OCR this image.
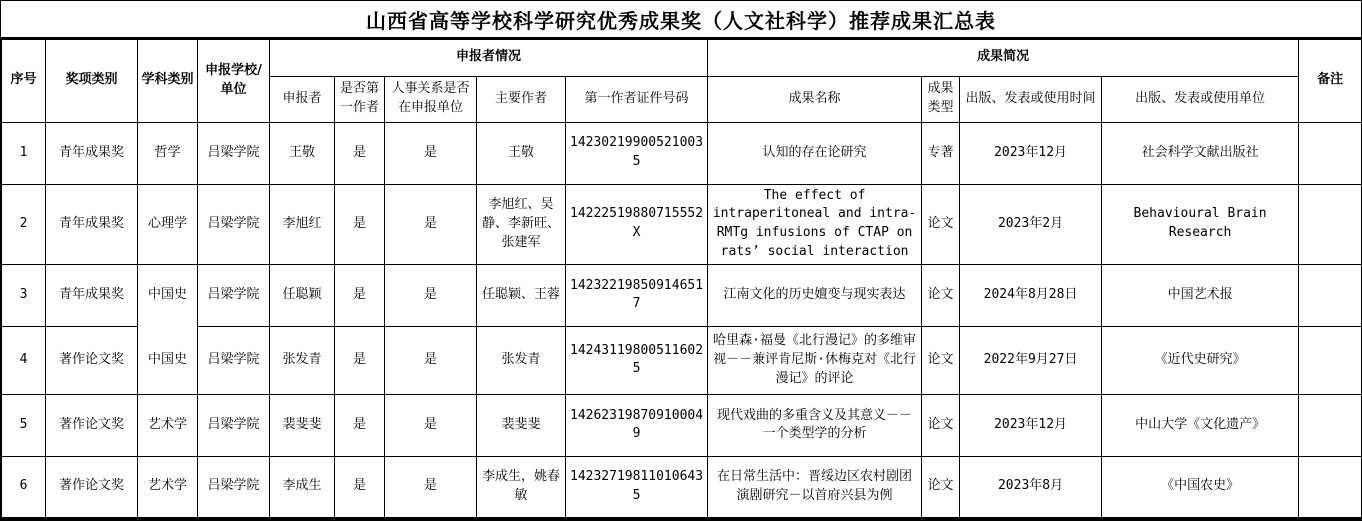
山西省高等学校科学研究优秀成果奖（人文社科学）推荐成果汇总表
序号	奖项类别	学科类别	申报学校/单位	申报者情况					成果简况				备注
				申报者	是否第一作者	人事关系是否在申报单位	主要作者	第一作者证件号码	成果名称	成果类型	出版、发表或使用时间	出版、发表或使用单位	
1	青年成果奖	哲学	吕梁学院	王敬	是	是	王敬	142302199005210035	认知的存在论研究	专著	2023年12月	社会科学文献出版社	
2	青年成果奖	心理学	吕梁学院	李旭红	是	是	李旭红、吴静、李新旺、张建军	14222519880715552X	The effect of intraperitoneal and intra-RMTg infusions of CTAP on rats’ social interaction	论文	2023年2月	Behavioural Brain Research	
3	青年成果奖	中国史	吕梁学院	任聪颖	是	是	任聪颖、王蓉	142322198509146517	江南文化的历史嬗变与现实表达	论文	2024年8月28日	中国艺术报	
4	著作论文奖	中国史	吕梁学院	张发青	是	是	张发青	142431198005116025	哈里森·福曼《北行漫记》的多维审视－－兼评肯尼斯·休梅克对《北行漫记》的评论	论文	2022年9月27日	《近代史研究》	
5	著作论文奖	艺术学	吕梁学院	裴斐斐	是	是	裴斐斐	142623198709100049	现代戏曲的多重含义及其意义－－一个类型学的分析	论文	2023年12月	中山大学《文化遗产》	
6	著作论文奖	艺术学	吕梁学院	李成生	是	是	李成生，姚春敏	142327198110106435	在日常生活中：晋绥边区农村剧团演剧研究－以首府兴县为例	论文	2023年8月	《中国农史》	
